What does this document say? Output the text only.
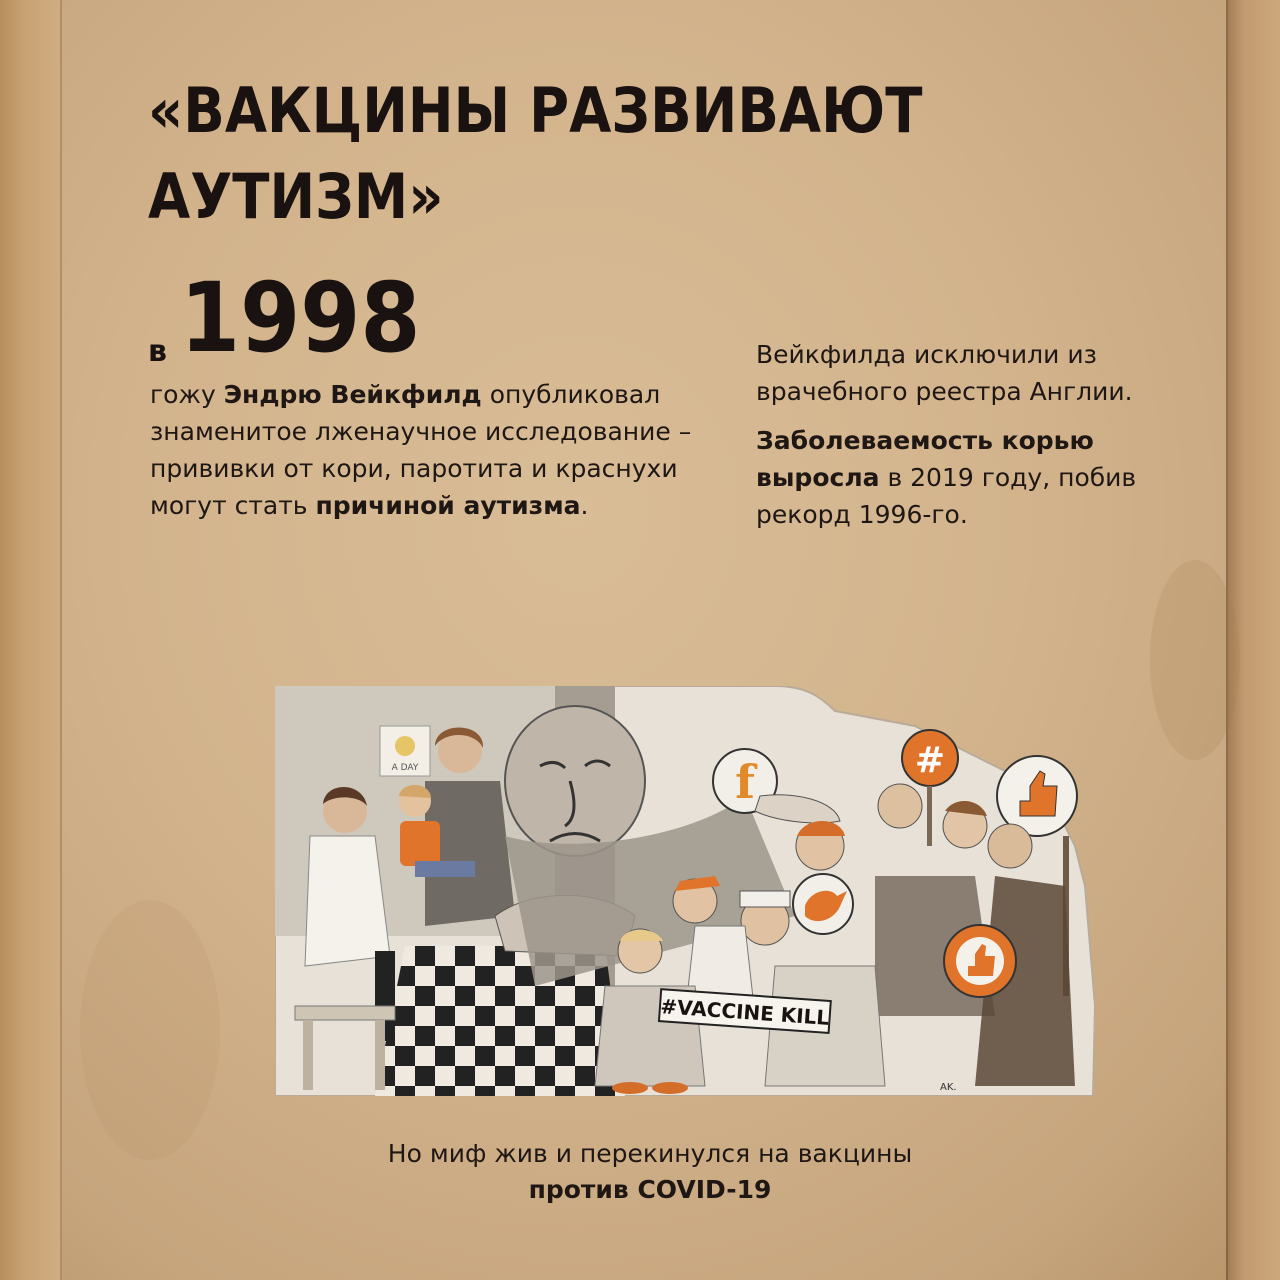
«ВАКЦИНЫ РАЗВИВАЮТ
АУТИЗМ»
в 1998
гожу Эндрю Вейкфилд опубликовал знаменитое лженаучное исследование – прививки от кори, паротита и краснухи могут стать причиной аутизма.

Вейкфилда исключили из врачебного реестра Англии.

Заболеваемость корью выросла в 2019 году, побив рекорд 1996-го.

A DAY	f	#
#VACCINE KILL
AK.
Но миф жив и перекинулся на вакцины
против COVID-19
